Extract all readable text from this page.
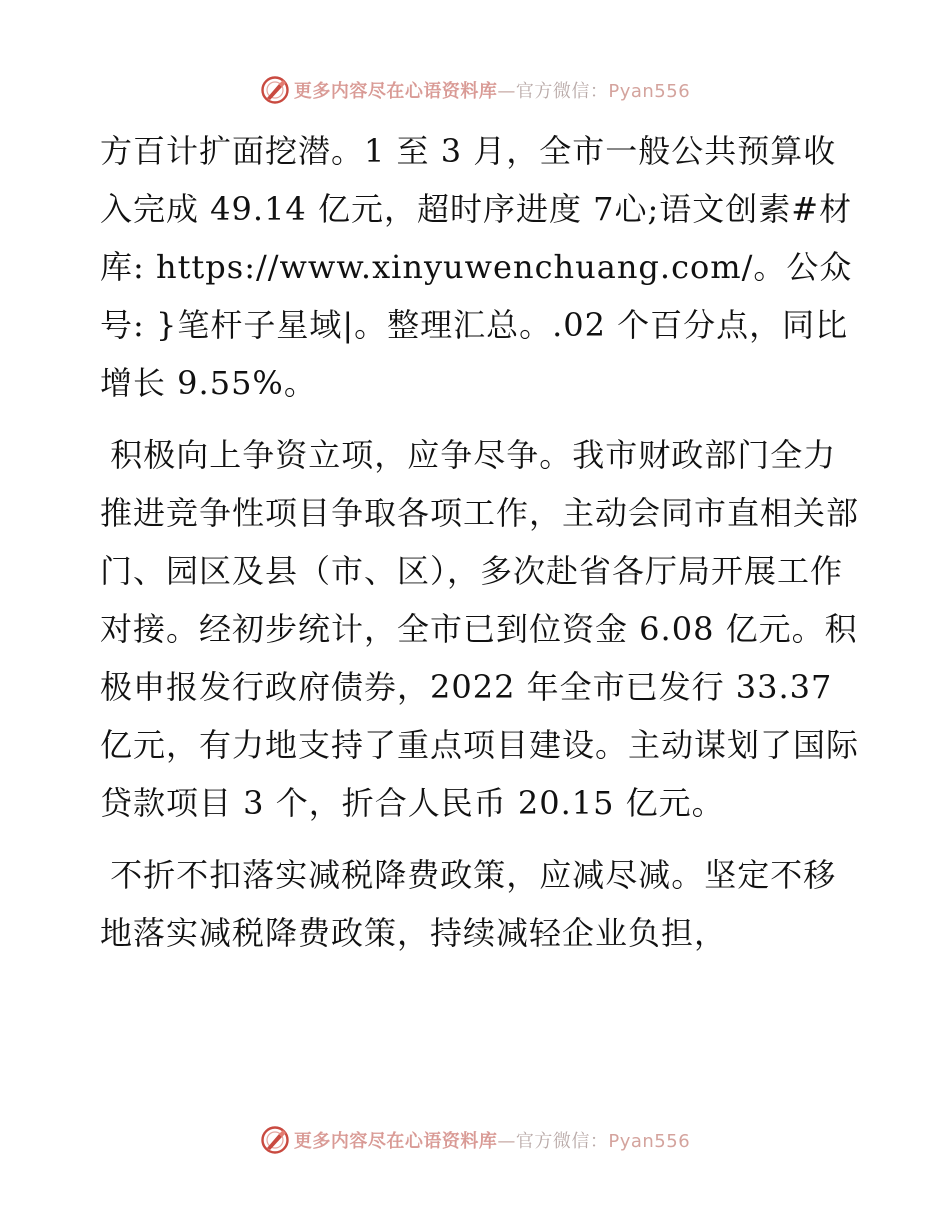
更多内容尽在心语资料库—官方微信：Pyan556

方百计扩面挖潜。1 至 3 月，全市一般公共预算收入完成 49.14 亿元，超时序进度 7心;语文创素#材库: https://www.xinyuwenchuang.com/。公众号: }笔杆子星域|。整理汇总。.02 个百分点，同比增长 9.55%。

积极向上争资立项，应争尽争。我市财政部门全力推进竞争性项目争取各项工作，主动会同市直相关部门、园区及县（市、区），多次赴省各厅局开展工作对接。经初步统计，全市已到位资金 6.08 亿元。积极申报发行政府债券，2022 年全市已发行 33.37 亿元，有力地支持了重点项目建设。主动谋划了国际贷款项目 3 个，折合人民币 20.15 亿元。

不折不扣落实减税降费政策，应减尽减。坚定不移地落实减税降费政策，持续减轻企业负担，

更多内容尽在心语资料库—官方微信：Pyan556
